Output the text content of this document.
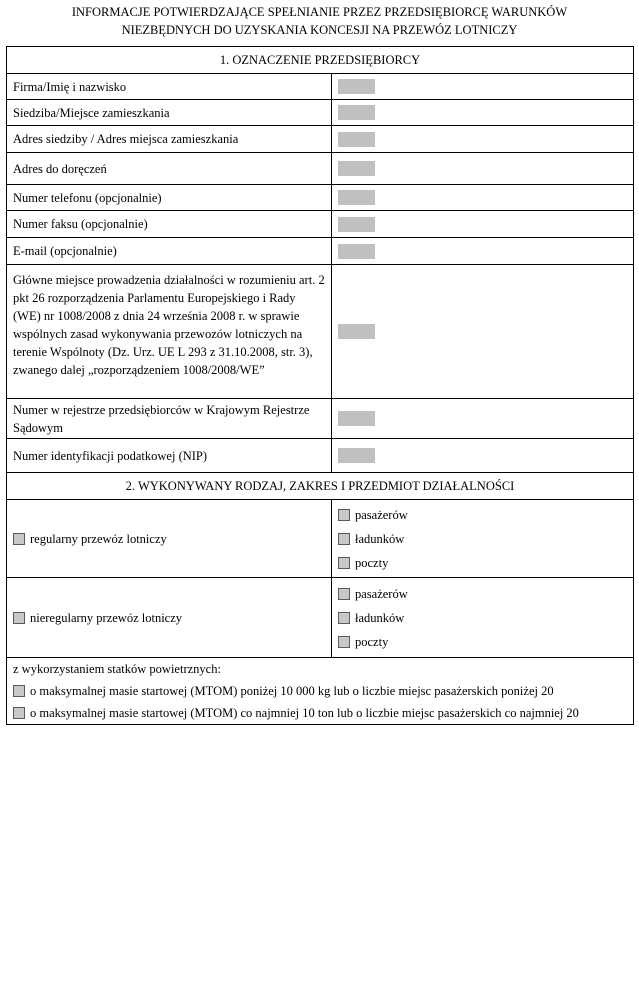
INFORMACJE POTWIERDZAJĄCE SPEŁNIANIE PRZEZ PRZEDSIĘBIORCĘ WARUNKÓW
NIEZBĘDNYCH DO UZYSKANIA KONCESJI NA PRZEWÓZ LOTNICZY
1. OZNACZENIE PRZEDSIĘBIORCY	
Firma/Imię i nazwisko	

Siedziba/Miejsce zamieszkania	

Adres siedziby / Adres miejsca zamieszkania	

Adres do doręczeń	

Numer telefonu (opcjonalnie)	

Numer faksu (opcjonalnie)	

E-mail (opcjonalnie)	

Główne miejsce prowadzenia działalności w rozumieniu art. 2 pkt 26 rozporządzenia Parlamentu Europejskiego i Rady (WE) nr 1008/2008 z dnia 24 września 2008 r. w sprawie wspólnych zasad wykonywania przewozów lotniczych na terenie Wspólnoty (Dz. Urz. UE L 293 z 31.10.2008, str. 3), zwanego dalej „rozporządzeniem 1008/2008/WE”	

Numer w rejestrze przedsiębiorców w Krajowym Rejestrze Sądowym	

Numer identyfikacji podatkowej (NIP)	

2. WYKONYWANY RODZAJ, ZAKRES I PRZEDMIOT DZIAŁALNOŚCI	
regularny przewóz lotniczy	pasażerów
ładunków
poczty

nieregularny przewóz lotniczy	pasażerów
ładunków
poczty

z wykorzystaniem statków powietrznych:
o maksymalnej masie startowej (MTOM) poniżej 10 000 kg lub o liczbie miejsc pasażerskich poniżej 20
o maksymalnej masie startowej (MTOM) co najmniej 10 ton lub o liczbie miejsc pasażerskich co najmniej 20	
